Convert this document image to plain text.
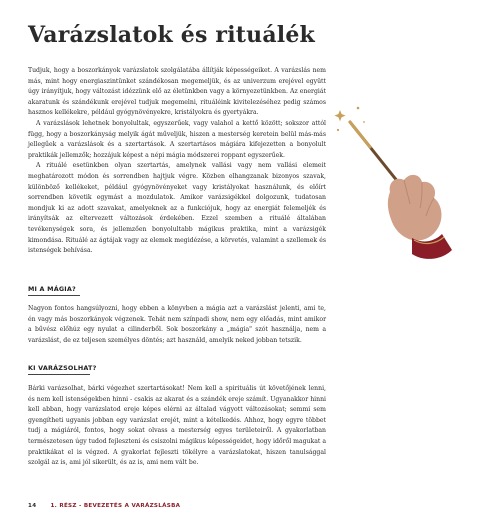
Varázslatok és rituálék

Tudjuk, hogy a boszorkányok varázslatok szolgálatába állítják képességeiket. A varázslás nem más, mint hogy energiaszintünket szándékosan megemeljük, és az univerzum erejével együtt úgy irányítjuk, hogy változást idézzünk elő az életünkben vagy a környezetünkben. Az energiát akaratunk és szándékunk erejével tudjuk megemelni, rituáléink kivitelezéséhez pedig számos hasznos kellékekre, például gyógynövényekre, kristályokra és gyertyákra.

A varázslások lehetnek bonyolultak, egyszerűek, vagy valahol a kettő között; sokszor attól függ, hogy a boszorkányság melyik ágát műveljük, hiszen a mesterség keretein belül más-más jellegűek a varázslások és a szertartások. A szertartásos mágiára kifejezetten a bonyolult praktikák jellemzők; hozzájuk képest a népi mágia módszerei roppant egyszerűek.

A rituálé esetünkben olyan szertartás, amelynek vallási vagy nem vallási elemeit meghatározott módon és sorrendben hajtjuk végre. Közben elhangzanak bizonyos szavak, különböző kellékeket, például gyógynövényeket vagy kristályokat használunk, és előírt sorrendben követik egymást a mozdulatok. Amikor varázsigékkel dolgozunk, tudatosan mondjuk ki az adott szavakat, amelyeknek az a funkciójuk, hogy az energiát felemeljék és irányítsák az eltervezett változások érdekében. Ezzel szemben a rituálé általában tevékenységek sora, és jellemzően bonyolultabb mágikus praktika, mint a varázsigék kimondása. Rituálé az ágtájak vagy az elemek megidézése, a körvetés, valamint a szellemek és istenségek behívása.

MI A MÁGIA?

Nagyon fontos hangsúlyozni, hogy ebben a könyvben a mágia azt a varázslást jelenti, ami te, én vagy más boszorkányok végzenek. Tehát nem színpadi show, nem egy előadás, mint amikor a bűvész előhúz egy nyulat a cilinderből. Sok boszorkány a „mágia" szót használja, nem a varázslást, de ez teljesen személyes döntés; azt használd, amelyik neked jobban tetszik.

KI VARÁZSOLHAT?

Bárki varázsolhat, bárki végezhet szertartásokat! Nem kell a spirituális út követőjének lenni, és nem kell istenségekben hinni - csakis az akarat és a szándék ereje számít. Ugyanakkor hinni kell abban, hogy varázslatod ereje képes elérni az általad vágyott változásokat; semmi sem gyengítheti ugyanis jobban egy varázslat erejét, mint a kételkedés. Ahhoz, hogy egyre többet tudj a mágiáról, fontos, hogy sokat olvass a mesterség egyes területeiről. A gyakorlatban természetesen úgy tudod fejleszteni és csiszolni mágikus képességeidet, hogy időről magukat a praktikákat el is végzed. A gyakorlat fejleszti tökélyre a varázslatokat, hiszen tanulsággal szolgál az is, ami jól sikerült, és az is, ami nem vált be.

14	1. RÉSZ - BEVEZETÉS A VARÁZSLÁSBA
